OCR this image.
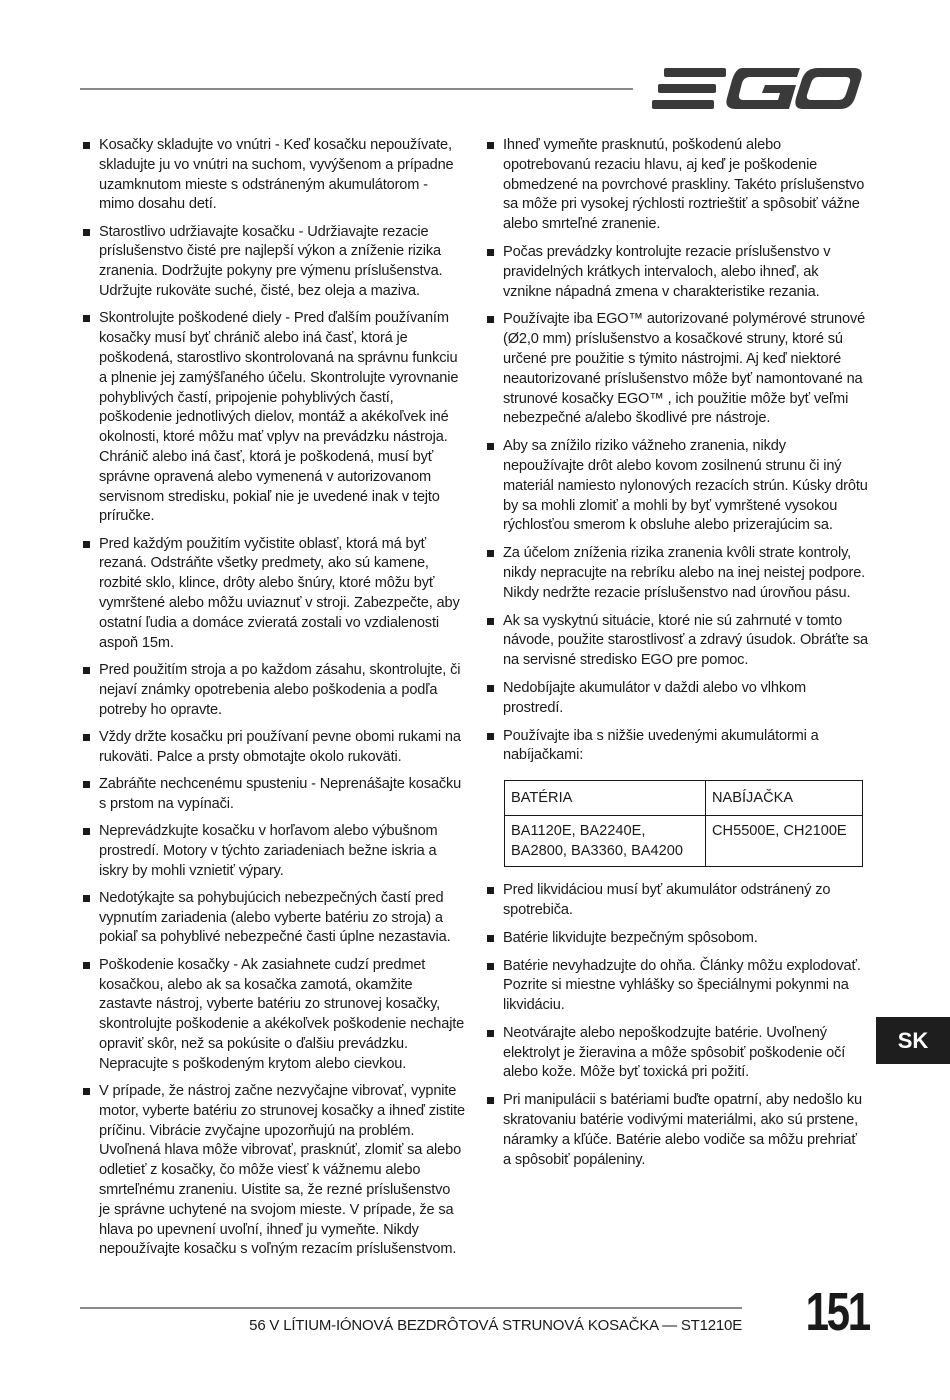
Kosačky skladujte vo vnútri - Keď kosačku nepoužívate, skladujte ju vo vnútri na suchom, vyvýšenom a prípadne uzamknutom mieste s odstráneným akumulátorom - mimo dosahu detí.
Starostlivo udržiavajte kosačku - Udržiavajte rezacie príslušenstvo čisté pre najlepší výkon a zníženie rizika zranenia. Dodržujte pokyny pre výmenu príslušenstva. Udržujte rukoväte suché, čisté, bez oleja a maziva.
Skontrolujte poškodené diely - Pred ďalším používaním kosačky musí byť chránič alebo iná časť, ktorá je poškodená, starostlivo skontrolovaná na správnu funkciu a plnenie jej zamýšľaného účelu. Skontrolujte vyrovnanie pohyblivých častí, pripojenie pohyblivých častí, poškodenie jednotlivých dielov, montáž a akékoľvek iné okolnosti, ktoré môžu mať vplyv na prevádzku nástroja. Chránič alebo iná časť, ktorá je poškodená, musí byť správne opravená alebo vymenená v autorizovanom servisnom stredisku, pokiaľ nie je uvedené inak v tejto príručke.
Pred každým použitím vyčistite oblasť, ktorá má byť rezaná. Odstráňte všetky predmety, ako sú kamene, rozbité sklo, klince, drôty alebo šnúry, ktoré môžu byť vymrštené alebo môžu uviaznuť v stroji. Zabezpečte, aby ostatní ľudia a domáce zvieratá zostali vo vzdialenosti aspoň 15m.
Pred použitím stroja a po každom zásahu, skontrolujte, či nejaví známky opotrebenia alebo poškodenia a podľa potreby ho opravte.
Vždy držte kosačku pri používaní pevne obomi rukami na rukoväti. Palce a prsty obmotajte okolo rukoväti.
Zabráňte nechcenému spusteniu - Neprenášajte kosačku s prstom na vypínači.
Neprevádzkujte kosačku v horľavom alebo výbušnom prostredí. Motory v týchto zariadeniach bežne iskria a iskry by mohli vznietiť výpary.
Nedotýkajte sa pohybujúcich nebezpečných častí pred vypnutím zariadenia (alebo vyberte batériu zo stroja) a pokiaľ sa pohyblivé nebezpečné časti úplne nezastavia.
Poškodenie kosačky - Ak zasiahnete cudzí predmet kosačkou, alebo ak sa kosačka zamotá, okamžite zastavte nástroj, vyberte batériu zo strunovej kosačky, skontrolujte poškodenie a akékoľvek poškodenie nechajte opraviť skôr, než sa pokúsite o ďalšiu prevádzku. Nepracujte s poškodeným krytom alebo cievkou.
V prípade, že nástroj začne nezvyčajne vibrovať, vypnite motor, vyberte batériu zo strunovej kosačky a ihneď zistite príčinu. Vibrácie zvyčajne upozorňujú na problém. Uvoľnená hlava môže vibrovať, prasknúť, zlomiť sa alebo odletieť z kosačky, čo môže viesť k vážnemu alebo smrteľnému zraneniu. Uistite sa, že rezné príslušenstvo je správne uchytené na svojom mieste. V prípade, že sa hlava po upevnení uvoľní, ihneď ju vymeňte. Nikdy nepoužívajte kosačku s voľným rezacím príslušenstvom.
Ihneď vymeňte prasknutú, poškodenú alebo opotrebovanú rezaciu hlavu, aj keď je poškodenie obmedzené na povrchové praskliny. Takéto príslušenstvo sa môže pri vysokej rýchlosti roztrieštiť a spôsobiť vážne alebo smrteľné zranenie.
Počas prevádzky kontrolujte rezacie príslušenstvo v pravidelných krátkych intervaloch, alebo ihneď, ak vznikne nápadná zmena v charakteristike rezania.
Používajte iba EGO™ autorizované polymérové strunové (Ø2,0 mm) príslušenstvo a kosačkové struny, ktoré sú určené pre použitie s týmito nástrojmi. Aj keď niektoré neautorizované príslušenstvo môže byť namontované na strunové kosačky EGO™ , ich použitie môže byť veľmi nebezpečné a/alebo škodlivé pre nástroje.
Aby sa znížilo riziko vážneho zranenia, nikdy nepoužívajte drôt alebo kovom zosilnenú strunu či iný materiál namiesto nylonových rezacích strún. Kúsky drôtu by sa mohli zlomiť a mohli by byť vymrštené vysokou rýchlosťou smerom k obsluhe alebo prizerajúcim sa.
Za účelom zníženia rizika zranenia kvôli strate kontroly, nikdy nepracujte na rebríku alebo na inej neistej podpore. Nikdy nedržte rezacie príslušenstvo nad úrovňou pásu.
Ak sa vyskytnú situácie, ktoré nie sú zahrnuté v tomto návode, použite starostlivosť a zdravý úsudok. Obráťte sa na servisné stredisko EGO pre pomoc.
Nedobíjajte akumulátor v daždi alebo vo vlhkom prostredí.
Používajte iba s nižšie uvedenými akumulátormi a nabíjačkami:
BATÉRIA	NABÍJAČKA
BA1120E, BA2240E, BA2800, BA3360, BA4200	CH5500E, CH2100E
Pred likvidáciou musí byť akumulátor odstránený zo spotrebiča.
Batérie likvidujte bezpečným spôsobom.
Batérie nevyhadzujte do ohňa. Články môžu explodovať. Pozrite si miestne vyhlášky so špeciálnymi pokynmi na likvidáciu.
Neotvárajte alebo nepoškodzujte batérie. Uvoľnený elektrolyt je žieravina a môže spôsobiť poškodenie očí alebo kože. Môže byť toxická pri požití.
Pri manipulácii s batériami buďte opatrní, aby nedošlo ku skratovaniu batérie vodivými materiálmi, ako sú prstene, náramky a kľúče. Batérie alebo vodiče sa môžu prehriať a spôsobiť popáleniny.
SK
56 V LÍTIUM-IÓNOVÁ BEZDRÔTOVÁ STRUNOVÁ KOSAČKA — ST1210E 151
